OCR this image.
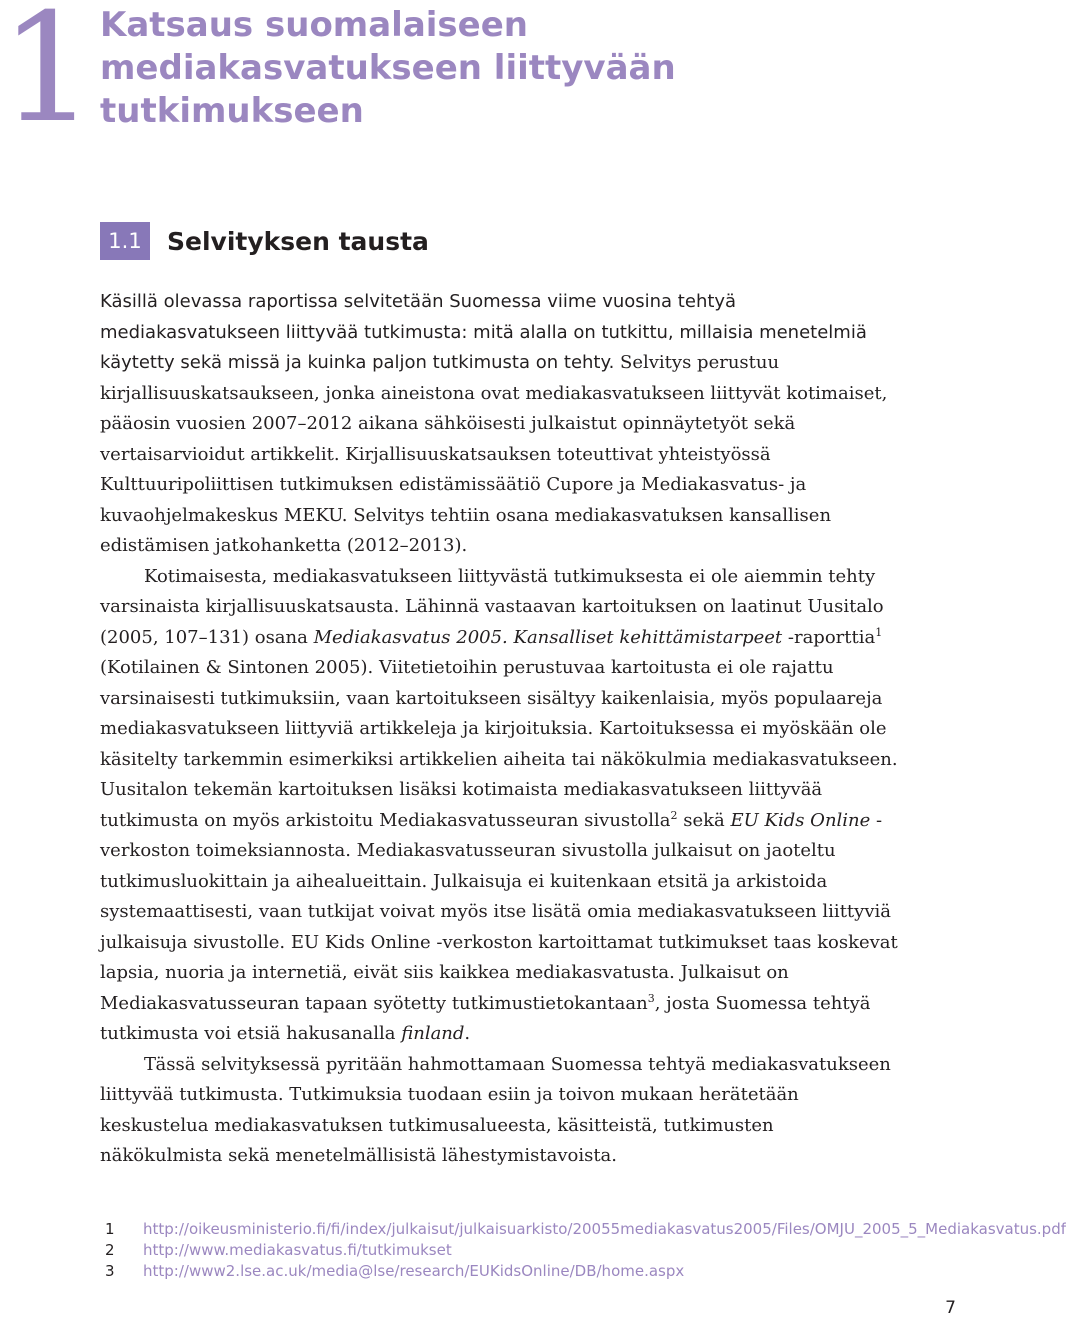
1 Katsaus suomalaiseen mediakasvatukseen liittyvään tutkimukseen
1.1	Selvityksen tausta

Käsillä olevassa raportissa selvitetään Suomessa viime vuosina tehtyä mediakasvatukseen liittyvää tutkimusta: mitä alalla on tutkittu, millaisia menetelmiä käytetty sekä missä ja kuinka paljon tutkimusta on tehty. Selvitys perustuu kirjallisuuskatsaukseen, jonka aineistona ovat mediakasvatukseen liittyvät kotimaiset, pääosin vuosien 2007–2012 aikana sähköisesti julkaistut opinnäytetyöt sekä vertaisarvioidut artikkelit. Kirjallisuuskatsauksen toteuttivat yhteistyössä Kulttuuripoliittisen tutkimuksen edistämissäätiö Cupore ja Mediakasvatus- ja kuvaohjelmakeskus MEKU. Selvitys tehtiin osana mediakasvatuksen kansallisen edistämisen jatkohanketta (2012–2013).

Kotimaisesta, mediakasvatukseen liittyvästä tutkimuksesta ei ole aiemmin tehty varsinaista kirjallisuuskatsausta. Lähinnä vastaavan kartoituksen on laatinut Uusitalo (2005, 107–131) osana Mediakasvatus 2005. Kansalliset kehittämistarpeet -raporttia$^1$ (Kotilainen & Sintonen 2005). Viitetietoihin perustuvaa kartoitusta ei ole rajattu varsinaisesti tutkimuksiin, vaan kartoitukseen sisältyy kaikenlaisia, myös populaareja mediakasvatukseen liittyviä artikkeleja ja kirjoituksia. Kartoituksessa ei myöskään ole käsitelty tarkemmin esimerkiksi artikkelien aiheita tai näkökulmia mediakasvatukseen. Uusitalon tekemän kartoituksen lisäksi kotimaista mediakasvatukseen liittyvää tutkimusta on myös arkistoitu Mediakasvatusseuran sivustolla$^2$ sekä EU Kids Online -verkoston toimeksiannosta. Mediakasvatusseuran sivustolla julkaisut on jaoteltu tutkimusluokittain ja aihealueittain. Julkaisuja ei kuitenkaan etsitä ja arkistoida systemaattisesti, vaan tutkijat voivat myös itse lisätä omia mediakasvatukseen liittyviä julkaisuja sivustolle. EU Kids Online -verkoston kartoittamat tutkimukset taas koskevat lapsia, nuoria ja internetiä, eivät siis kaikkea mediakasvatusta. Julkaisut on Mediakasvatusseuran tapaan syötetty tutkimustietokantaan$^3$, josta Suomessa tehtyä tutkimusta voi etsiä hakusanalla finland.

Tässä selvityksessä pyritään hahmottamaan Suomessa tehtyä mediakasvatukseen liittyvää tutkimusta. Tutkimuksia tuodaan esiin ja toivon mukaan herätetään keskustelua mediakasvatuksen tutkimusalueesta, käsitteistä, tutkimusten näkökulmista sekä menetelmällisistä lähestymistavoista.

1 http://oikeusministerio.fi/fi/index/julkaisut/julkaisuarkisto/20055mediakasvatus2005/Files/OMJU_2005_5_Mediakasvatus.pdf
2 http://www.mediakasvatus.fi/tutkimukset
3 http://www2.lse.ac.uk/media@lse/research/EUKidsOnline/DB/home.aspx
7
